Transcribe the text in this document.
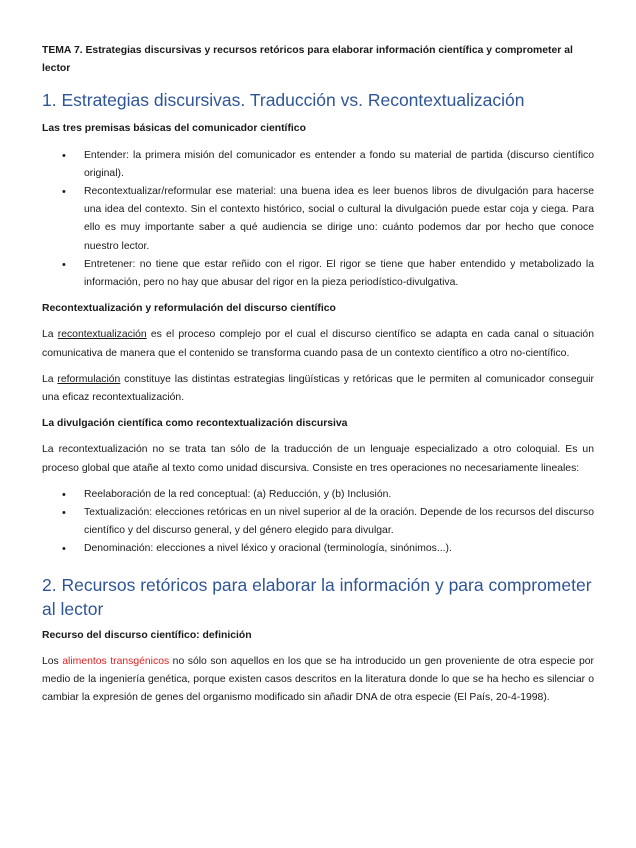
TEMA 7. Estrategias discursivas y recursos retóricos para elaborar información científica y comprometer al lector
1. Estrategias discursivas. Traducción vs. Recontextualización
Las tres premisas básicas del comunicador científico
• Entender: la primera misión del comunicador es entender a fondo su material de partida (discurso científico original).
• Recontextualizar/reformular ese material: una buena idea es leer buenos libros de divulgación para hacerse una idea del contexto. Sin el contexto histórico, social o cultural la divulgación puede estar coja y ciega. Para ello es muy importante saber a qué audiencia se dirige uno: cuánto podemos dar por hecho que conoce nuestro lector.
• Entretener: no tiene que estar reñido con el rigor. El rigor se tiene que haber entendido y metabolizado la información, pero no hay que abusar del rigor en la pieza periodístico-divulgativa.
Recontextualización y reformulación del discurso científico

La recontextualización es el proceso complejo por el cual el discurso científico se adapta en cada canal o situación comunicativa de manera que el contenido se transforma cuando pasa de un contexto científico a otro no-científico.

La reformulación constituye las distintas estrategias lingüísticas y retóricas que le permiten al comunicador conseguir una eficaz recontextualización.

La divulgación científica como recontextualización discursiva

La recontextualización no se trata tan sólo de la traducción de un lenguaje especializado a otro coloquial. Es un proceso global que atañe al texto como unidad discursiva. Consiste en tres operaciones no necesariamente lineales:

• Reelaboración de la red conceptual: (a) Reducción, y (b) Inclusión.
• Textualización: elecciones retóricas en un nivel superior al de la oración. Depende de los recursos del discurso científico y del discurso general, y del género elegido para divulgar.
• Denominación: elecciones a nivel léxico y oracional (terminología, sinónimos...).
2. Recursos retóricos para elaborar la información y para comprometer al lector
Recurso del discurso científico: definición

Los alimentos transgénicos no sólo son aquellos en los que se ha introducido un gen proveniente de otra especie por medio de la ingeniería genética, porque existen casos descritos en la literatura donde lo que se ha hecho es silenciar o cambiar la expresión de genes del organismo modificado sin añadir DNA de otra especie (El País, 20-4-1998).
